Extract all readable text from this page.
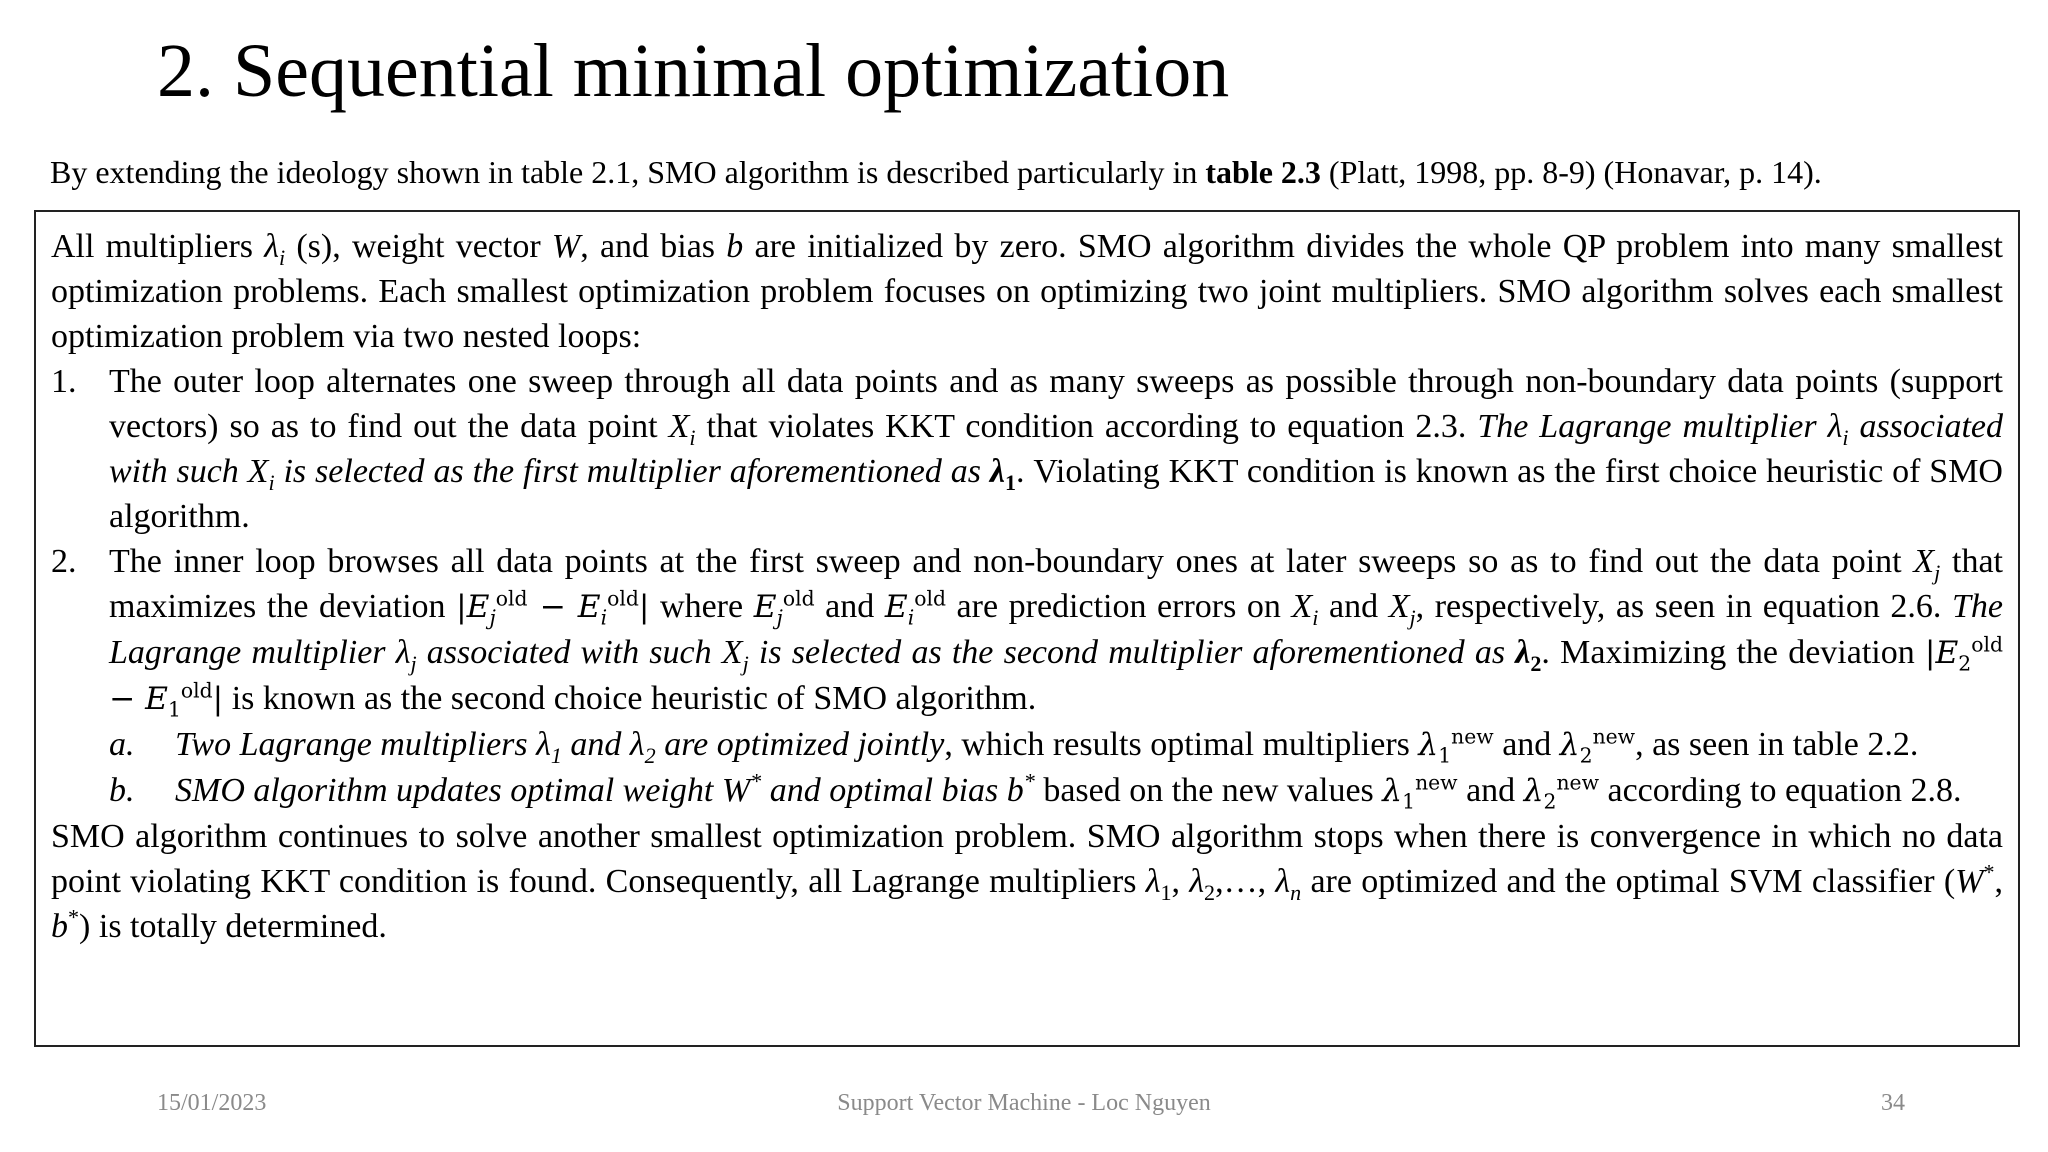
2. Sequential minimal optimization
By extending the ideology shown in table 2.1, SMO algorithm is described particularly in table 2.3 (Platt, 1998, pp. 8-9) (Honavar, p. 14).

All multipliers $\lambda_i$ (s), weight vector W, and bias b are initialized by zero. SMO algorithm divides the whole QP problem into many smallest optimization problems. Each smallest optimization problem focuses on optimizing two joint multipliers. SMO algorithm solves each smallest optimization problem via two nested loops:

1. The outer loop alternates one sweep through all data points and as many sweeps as possible through non-boundary data points (support vectors) so as to find out the data point $X_i$ that violates KKT condition according to equation 2.3. The Lagrange multiplier $\lambda_i$ associated with such $X_i$ is selected as the first multiplier aforementioned as $\lambda_1$. Violating KKT condition is known as the first choice heuristic of SMO algorithm.
2. The inner loop browses all data points at the first sweep and non-boundary ones at later sweeps so as to find out the data point $X_j$ that maximizes the deviation $|E_j^{old} - E_i^{old}|$ where $E_j^{old}$ and $E_i^{old}$ are prediction errors on $X_i$ and $X_j$, respectively, as seen in equation 2.6. The Lagrange multiplier $\lambda_j$ associated with such $X_j$ is selected as the second multiplier aforementioned as $\lambda_2$. Maximizing the deviation $|E_2^{old} - E_1^{old}|$ is known as the second choice heuristic of SMO algorithm.
a.	Two Lagrange multipliers $\lambda_1$ and $\lambda_2$ are optimized jointly, which results optimal multipliers $\lambda_1^{new}$ and $\lambda_2^{new}$, as seen in table 2.2.
b.	SMO algorithm updates optimal weight W* and optimal bias b* based on the new values $\lambda_1^{new}$ and $\lambda_2^{new}$ according to equation 2.8.

SMO algorithm continues to solve another smallest optimization problem. SMO algorithm stops when there is convergence in which no data point violating KKT condition is found. Consequently, all Lagrange multipliers $\lambda_1$, $\lambda_2,\dots$, $\lambda_n$ are optimized and the optimal SVM classifier (W*, b*) is totally determined.

15/01/2023	Support Vector Machine - Loc Nguyen	34
